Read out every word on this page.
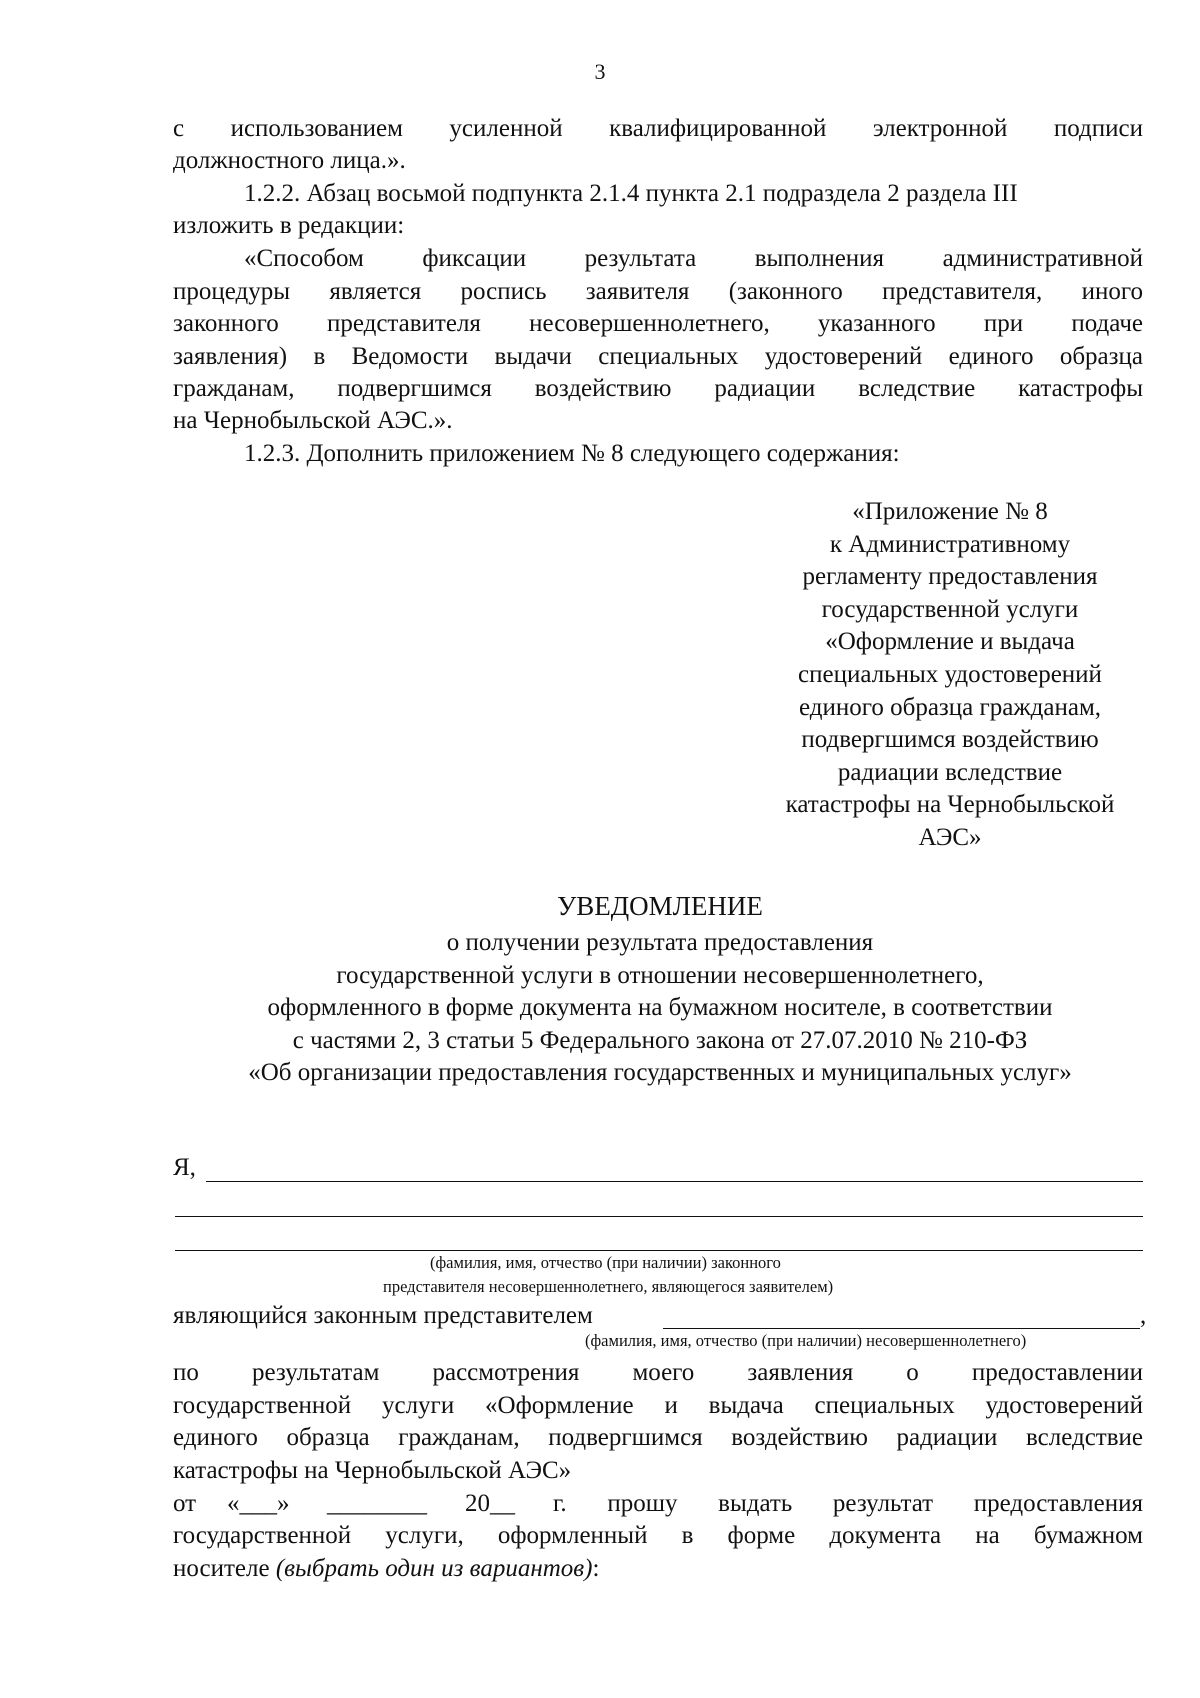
3
с использованием усиленной квалифицированной электронной подписи
должностного лица.».
1.2.2. Абзац восьмой подпункта 2.1.4 пункта 2.1 подраздела 2 раздела III
изложить в редакции:
«Способом фиксации результата выполнения административной
процедуры является роспись заявителя (законного представителя, иного
законного представителя несовершеннолетнего, указанного при подаче
заявления) в Ведомости выдачи специальных удостоверений единого образца
гражданам, подвергшимся воздействию радиации вследствие катастрофы
на Чернобыльской АЭС.».
1.2.3. Дополнить приложением № 8 следующего содержания:
«Приложение № 8
к Административному
регламенту предоставления
государственной услуги
«Оформление и выдача
специальных удостоверений
единого образца гражданам,
подвергшимся воздействию
радиации вследствие
катастрофы на Чернобыльской
АЭС»
УВЕДОМЛЕНИЕ
о получении результата предоставления
государственной услуги в отношении несовершеннолетнего,
оформленного в форме документа на бумажном носителе, в соответствии
с частями 2, 3 статьи 5 Федерального закона от 27.07.2010 № 210-ФЗ
«Об организации предоставления государственных и муниципальных услуг»
Я,
(фамилия, имя, отчество (при наличии) законного
представителя несовершеннолетнего, являющегося заявителем)
являющийся законным представителем	,
(фамилия, имя, отчество (при наличии) несовершеннолетнего)
по результатам рассмотрения моего заявления о предоставлении
государственной услуги «Оформление и выдача специальных удостоверений
единого образца гражданам, подвергшимся воздействию радиации вследствие
катастрофы на Чернобыльской АЭС»
от «___» ________ 20__ г. прошу выдать результат предоставления
государственной услуги, оформленный в форме документа на бумажном
носителе (выбрать один из вариантов):
